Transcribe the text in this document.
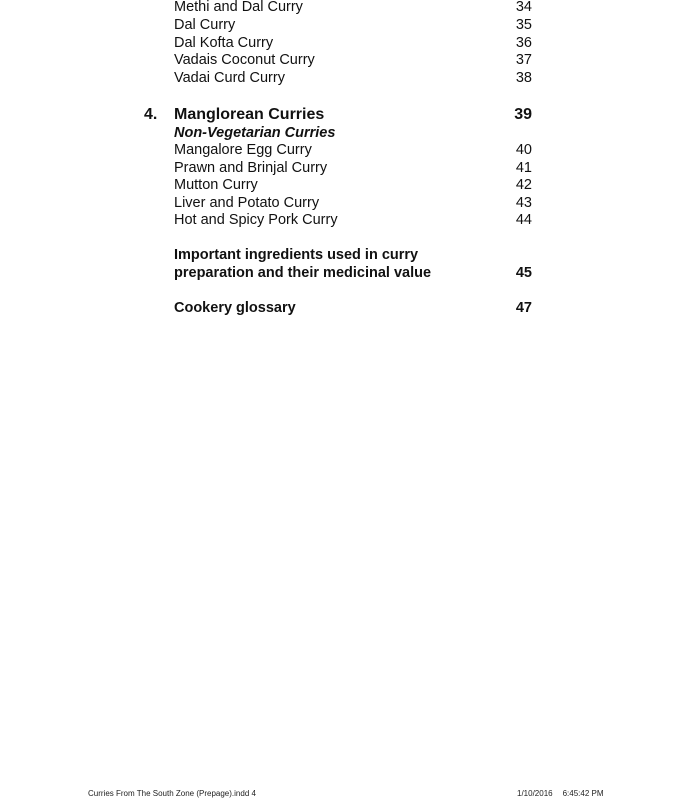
Methi and Dal Curry	34
Dal Curry	35
Dal Kofta Curry	36
Vadais Coconut Curry	37
Vadai Curd Curry	38
4. Manglorean Curries	39
Non-Vegetarian Curries
Mangalore Egg Curry	40
Prawn and Brinjal Curry	41
Mutton Curry	42
Liver and Potato Curry	43
Hot and Spicy Pork Curry	44
Important ingredients used in curry
preparation and their medicinal value	45
Cookery glossary	47
Curries From The South Zone (Prepage).indd 4	1/10/2016 6:45:42 PM
